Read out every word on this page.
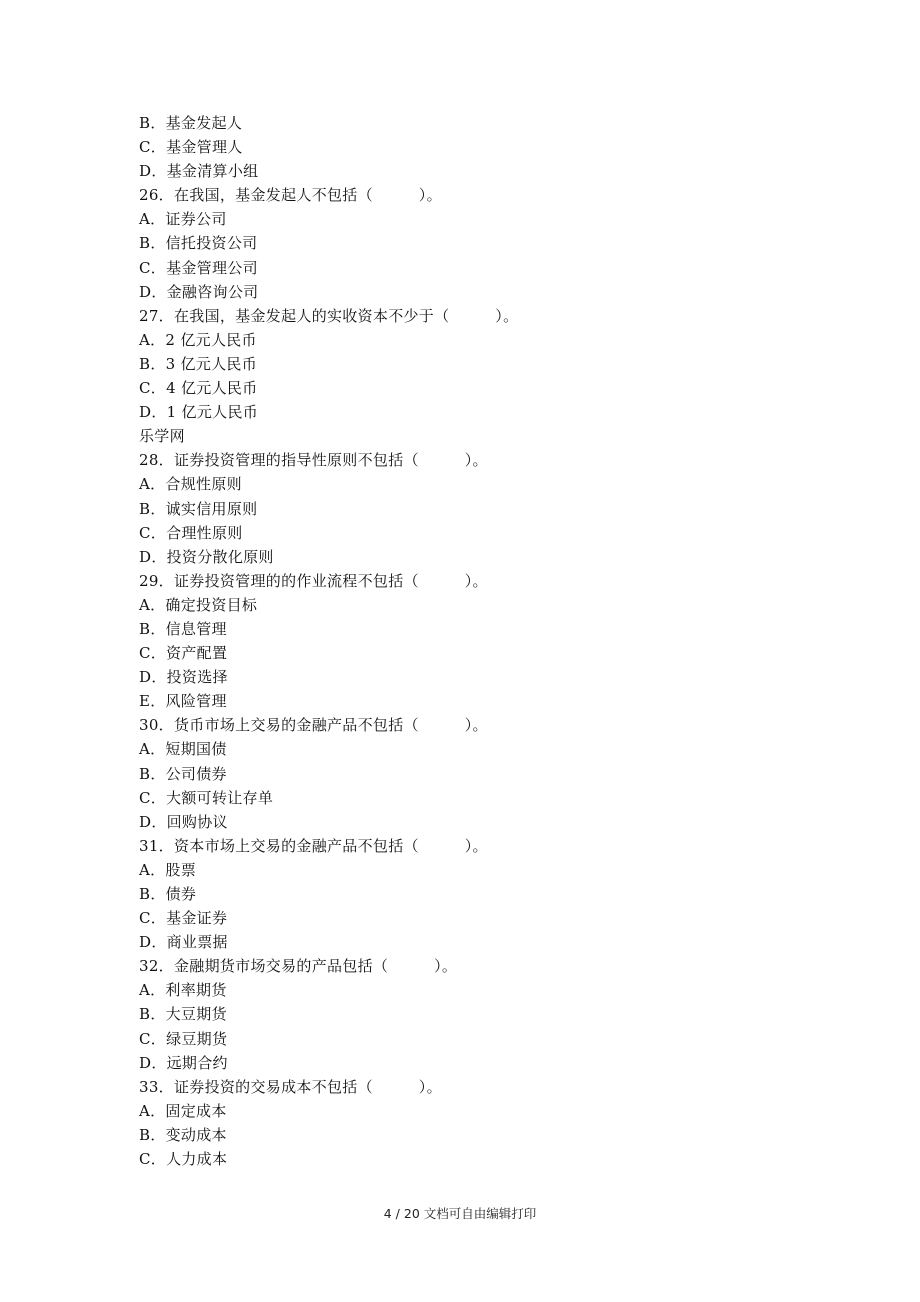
B．基金发起人
C．基金管理人
D．基金清算小组
26．在我国，基金发起人不包括（　　　）。
A．证券公司
B．信托投资公司
C．基金管理公司
D．金融咨询公司
27．在我国，基金发起人的实收资本不少于（　　　）。
A．2 亿元人民币
B．3 亿元人民币
C．4 亿元人民币
D．1 亿元人民币
乐学网
28．证券投资管理的指导性原则不包括（　　　）。
A．合规性原则
B．诚实信用原则
C．合理性原则
D．投资分散化原则
29．证券投资管理的的作业流程不包括（　　　）。
A．确定投资目标
B．信息管理
C．资产配置
D．投资选择
E．风险管理
30．货币市场上交易的金融产品不包括（　　　）。
A．短期国债
B．公司债券
C．大额可转让存单
D．回购协议
31．资本市场上交易的金融产品不包括（　　　）。
A．股票
B．债券
C．基金证券
D．商业票据
32．金融期货市场交易的产品包括（　　　）。
A．利率期货
B．大豆期货
C．绿豆期货
D．远期合约
33．证券投资的交易成本不包括（　　　）。
A．固定成本
B．变动成本
C．人力成本
4 / 20 文档可自由编辑打印
